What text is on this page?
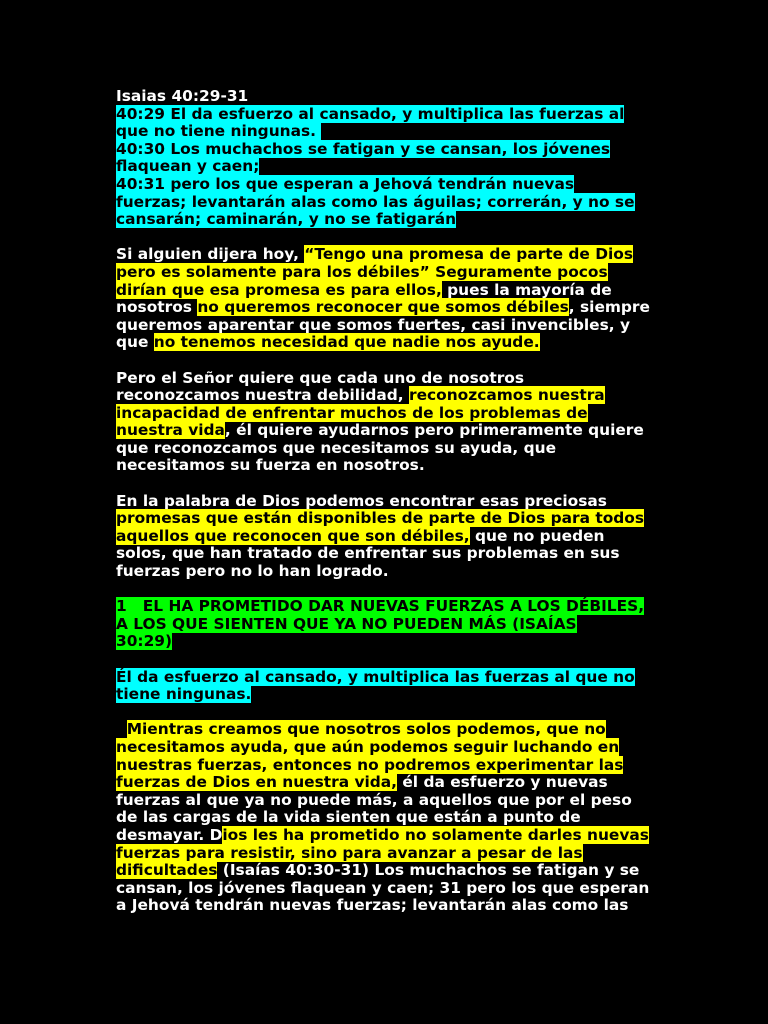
Isaias 40:29-31
40:29 El da esfuerzo al cansado, y multiplica las fuerzas al
que no tiene ningunas.
40:30 Los muchachos se fatigan y se cansan, los jóvenes
flaquean y caen;
40:31 pero los que esperan a Jehová tendrán nuevas
fuerzas; levantarán alas como las águilas; correrán, y no se
cansarán; caminarán, y no se fatigarán
Si alguien dijera hoy, “Tengo una promesa de parte de Dios
pero es solamente para los débiles” Seguramente pocos
dirían que esa promesa es para ellos, pues la mayoría de
nosotros no queremos reconocer que somos débiles, siempre
queremos aparentar que somos fuertes, casi invencibles, y
que no tenemos necesidad que nadie nos ayude.
Pero el Señor quiere que cada uno de nosotros
reconozcamos nuestra debilidad, reconozcamos nuestra
incapacidad de enfrentar muchos de los problemas de
nuestra vida, él quiere ayudarnos pero primeramente quiere
que reconozcamos que necesitamos su ayuda, que
necesitamos su fuerza en nosotros.
En la palabra de Dios podemos encontrar esas preciosas
promesas que están disponibles de parte de Dios para todos
aquellos que reconocen que son débiles, que no pueden
solos, que han tratado de enfrentar sus problemas en sus
fuerzas pero no lo han logrado.
1   EL HA PROMETIDO DAR NUEVAS FUERZAS A LOS DÉBILES,
A LOS QUE SIENTEN QUE YA NO PUEDEN MÁS (ISAÍAS
30:29)
Él da esfuerzo al cansado, y multiplica las fuerzas al que no
tiene ningunas.
Mientras creamos que nosotros solos podemos, que no
necesitamos ayuda, que aún podemos seguir luchando en
nuestras fuerzas, entonces no podremos experimentar las
fuerzas de Dios en nuestra vida, él da esfuerzo y nuevas
fuerzas al que ya no puede más, a aquellos que por el peso
de las cargas de la vida sienten que están a punto de
desmayar. Dios les ha prometido no solamente darles nuevas
fuerzas para resistir, sino para avanzar a pesar de las
dificultades (Isaías 40:30-31) Los muchachos se fatigan y se
cansan, los jóvenes flaquean y caen; 31 pero los que esperan
a Jehová tendrán nuevas fuerzas; levantarán alas como las
